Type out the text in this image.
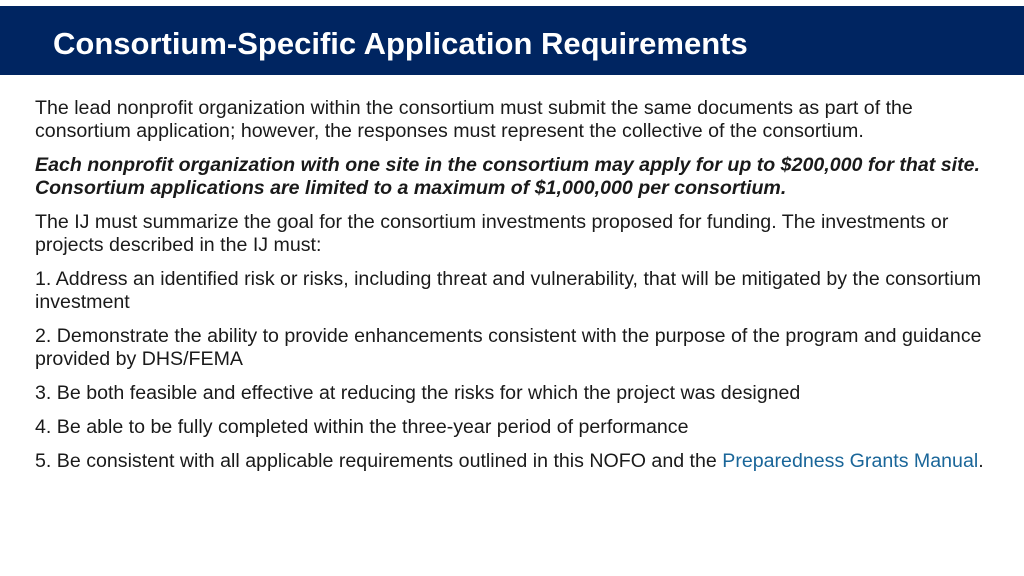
Consortium-Specific Application Requirements

The lead nonprofit organization within the consortium must submit the same documents as part of the consortium application; however, the responses must represent the collective of the consortium.

Each nonprofit organization with one site in the consortium may apply for up to $200,000 for that site. Consortium applications are limited to a maximum of $1,000,000 per consortium.

The IJ must summarize the goal for the consortium investments proposed for funding. The investments or projects described in the IJ must:

1. Address an identified risk or risks, including threat and vulnerability, that will be mitigated by the consortium investment

2. Demonstrate the ability to provide enhancements consistent with the purpose of the program and guidance provided by DHS/FEMA

3. Be both feasible and effective at reducing the risks for which the project was designed

4. Be able to be fully completed within the three-year period of performance

5. Be consistent with all applicable requirements outlined in this NOFO and the Preparedness Grants Manual.
